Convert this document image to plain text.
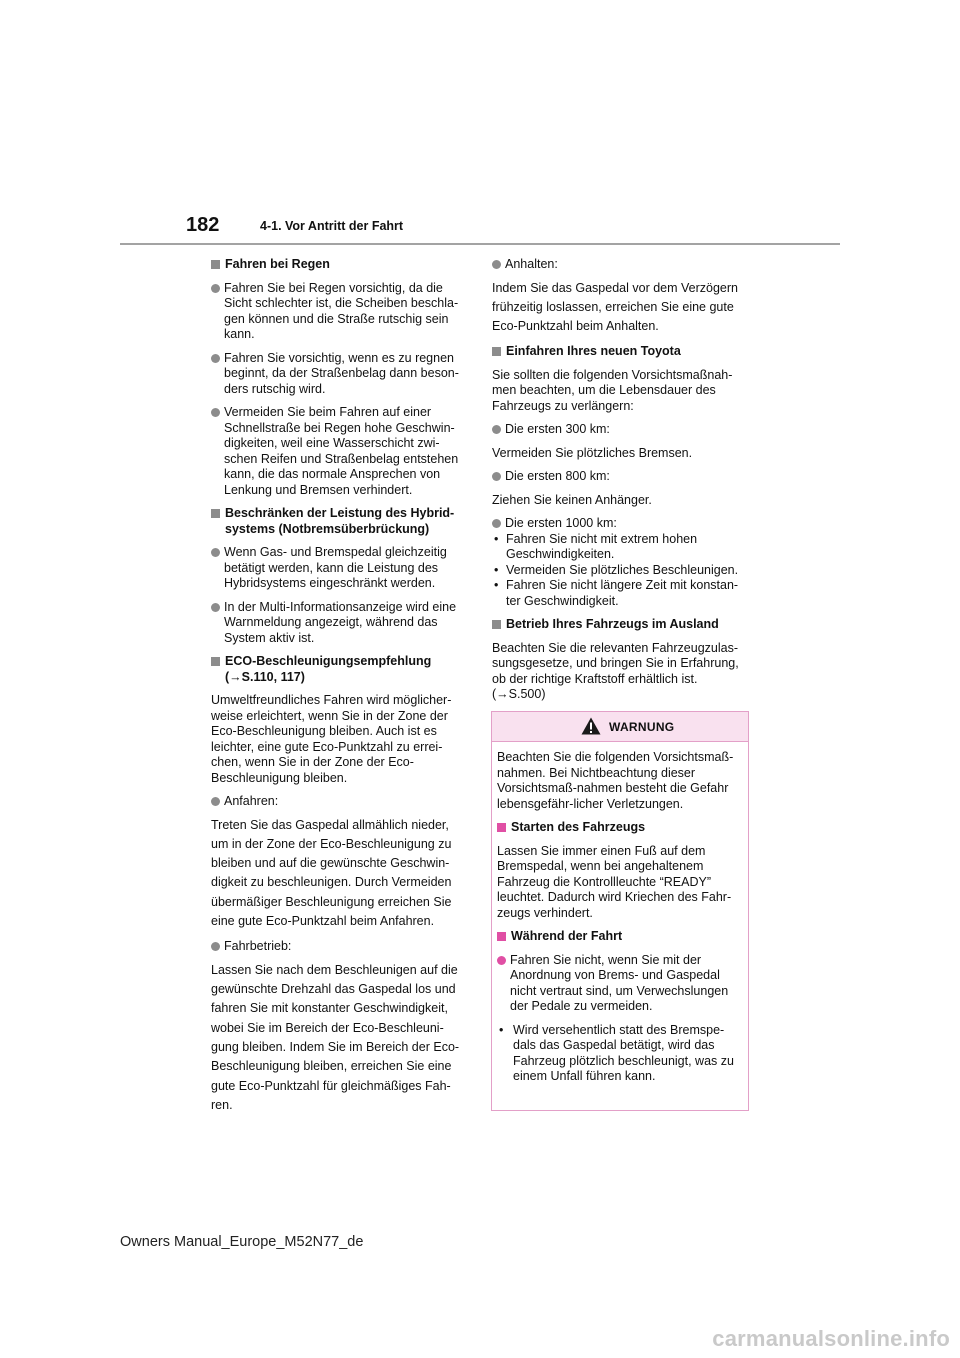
182	4-1. Vor Antritt der Fahrt
Fahren bei Regen
Fahren Sie bei Regen vorsichtig, da die Sicht schlechter ist, die Scheiben beschla-gen können und die Straße rutschig sein kann.
Fahren Sie vorsichtig, wenn es zu regnen beginnt, da der Straßenbelag dann beson-ders rutschig wird.
Vermeiden Sie beim Fahren auf einer Schnellstraße bei Regen hohe Geschwin-digkeiten, weil eine Wasserschicht zwi-schen Reifen und Straßenbelag entstehen kann, die das normale Ansprechen von Lenkung und Bremsen verhindert.
Beschränken der Leistung des Hybrid-systems (Notbremsüberbrückung)
Wenn Gas- und Bremspedal gleichzeitig betätigt werden, kann die Leistung des Hybridsystems eingeschränkt werden.
In der Multi-Informationsanzeige wird eine Warnmeldung angezeigt, während das System aktiv ist.
ECO-Beschleunigungsempfehlung (→S.110, 117)
Umweltfreundliches Fahren wird möglicher-weise erleichtert, wenn Sie in der Zone der Eco-Beschleunigung bleiben. Auch ist es leichter, eine gute Eco-Punktzahl zu errei-chen, wenn Sie in der Zone der Eco-Beschleunigung bleiben.
Anfahren:
Treten Sie das Gaspedal allmählich nieder, um in der Zone der Eco-Beschleunigung zu bleiben und auf die gewünschte Geschwin-digkeit zu beschleunigen. Durch Vermeiden übermäßiger Beschleunigung erreichen Sie eine gute Eco-Punktzahl beim Anfahren.
Fahrbetrieb:
Lassen Sie nach dem Beschleunigen auf die gewünschte Drehzahl das Gaspedal los und fahren Sie mit konstanter Geschwindigkeit, wobei Sie im Bereich der Eco-Beschleuni-gung bleiben. Indem Sie im Bereich der Eco-Beschleunigung bleiben, erreichen Sie eine gute Eco-Punktzahl für gleichmäßiges Fah-ren.
Anhalten:
Indem Sie das Gaspedal vor dem Verzögern frühzeitig loslassen, erreichen Sie eine gute Eco-Punktzahl beim Anhalten.
Einfahren Ihres neuen Toyota
Sie sollten die folgenden Vorsichtsmaßnah-men beachten, um die Lebensdauer des Fahrzeugs zu verlängern:
Die ersten 300 km:
Vermeiden Sie plötzliches Bremsen.
Die ersten 800 km:
Ziehen Sie keinen Anhänger.
Die ersten 1000 km:
• Fahren Sie nicht mit extrem hohen Geschwindigkeiten.
• Vermeiden Sie plötzliches Beschleunigen.
• Fahren Sie nicht längere Zeit mit konstan-ter Geschwindigkeit.
Betrieb Ihres Fahrzeugs im Ausland
Beachten Sie die relevanten Fahrzeugzulas-sungsgesetze, und bringen Sie in Erfahrung, ob der richtige Kraftstoff erhältlich ist. (→S.500)
WARNUNG
Beachten Sie die folgenden Vorsichtsmaß-nahmen. Bei Nichtbeachtung dieser Vorsichtsmaß-nahmen besteht die Gefahr lebensgefähr-licher Verletzungen.
Starten des Fahrzeugs
Lassen Sie immer einen Fuß auf dem Bremspedal, wenn bei angehaltenem Fahrzeug die Kontrollleuchte “READY” leuchtet. Dadurch wird Kriechen des Fahr-zeugs verhindert.
Während der Fahrt
Fahren Sie nicht, wenn Sie mit der Anordnung von Brems- und Gaspedal nicht vertraut sind, um Verwechslungen der Pedale zu vermeiden.
• Wird versehentlich statt des Bremspe-dals das Gaspedal betätigt, wird das Fahrzeug plötzlich beschleunigt, was zu einem Unfall führen kann.
Owners Manual_Europe_M52N77_de
carmanualsonline.info
